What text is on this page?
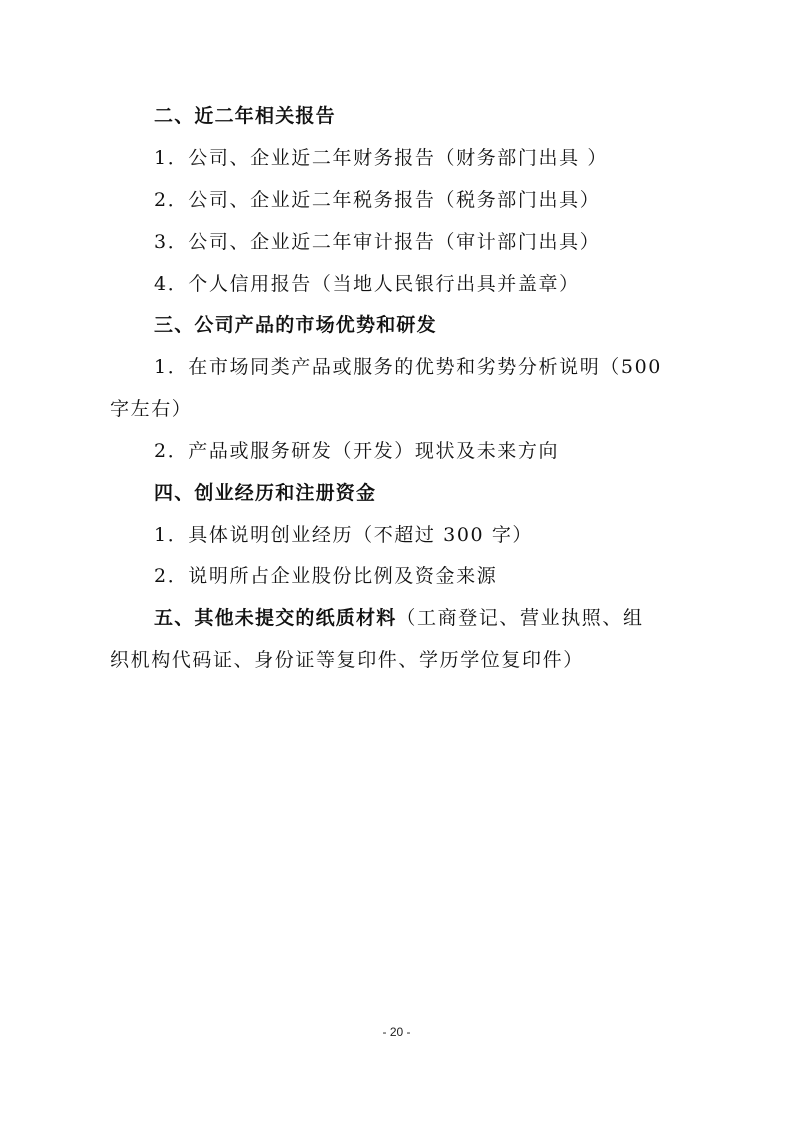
二、近二年相关报告
1．公司、企业近二年财务报告（财务部门出具 ）
2．公司、企业近二年税务报告（税务部门出具）
3．公司、企业近二年审计报告（审计部门出具）
4．个人信用报告（当地人民银行出具并盖章）
三、公司产品的市场优势和研发
1．在市场同类产品或服务的优势和劣势分析说明（500
字左右）
2．产品或服务研发（开发）现状及未来方向
四、创业经历和注册资金
1．具体说明创业经历（不超过 300 字）
2．说明所占企业股份比例及资金来源
五、其他未提交的纸质材料（工商登记、营业执照、组
织机构代码证、身份证等复印件、学历学位复印件）
- 20 -
